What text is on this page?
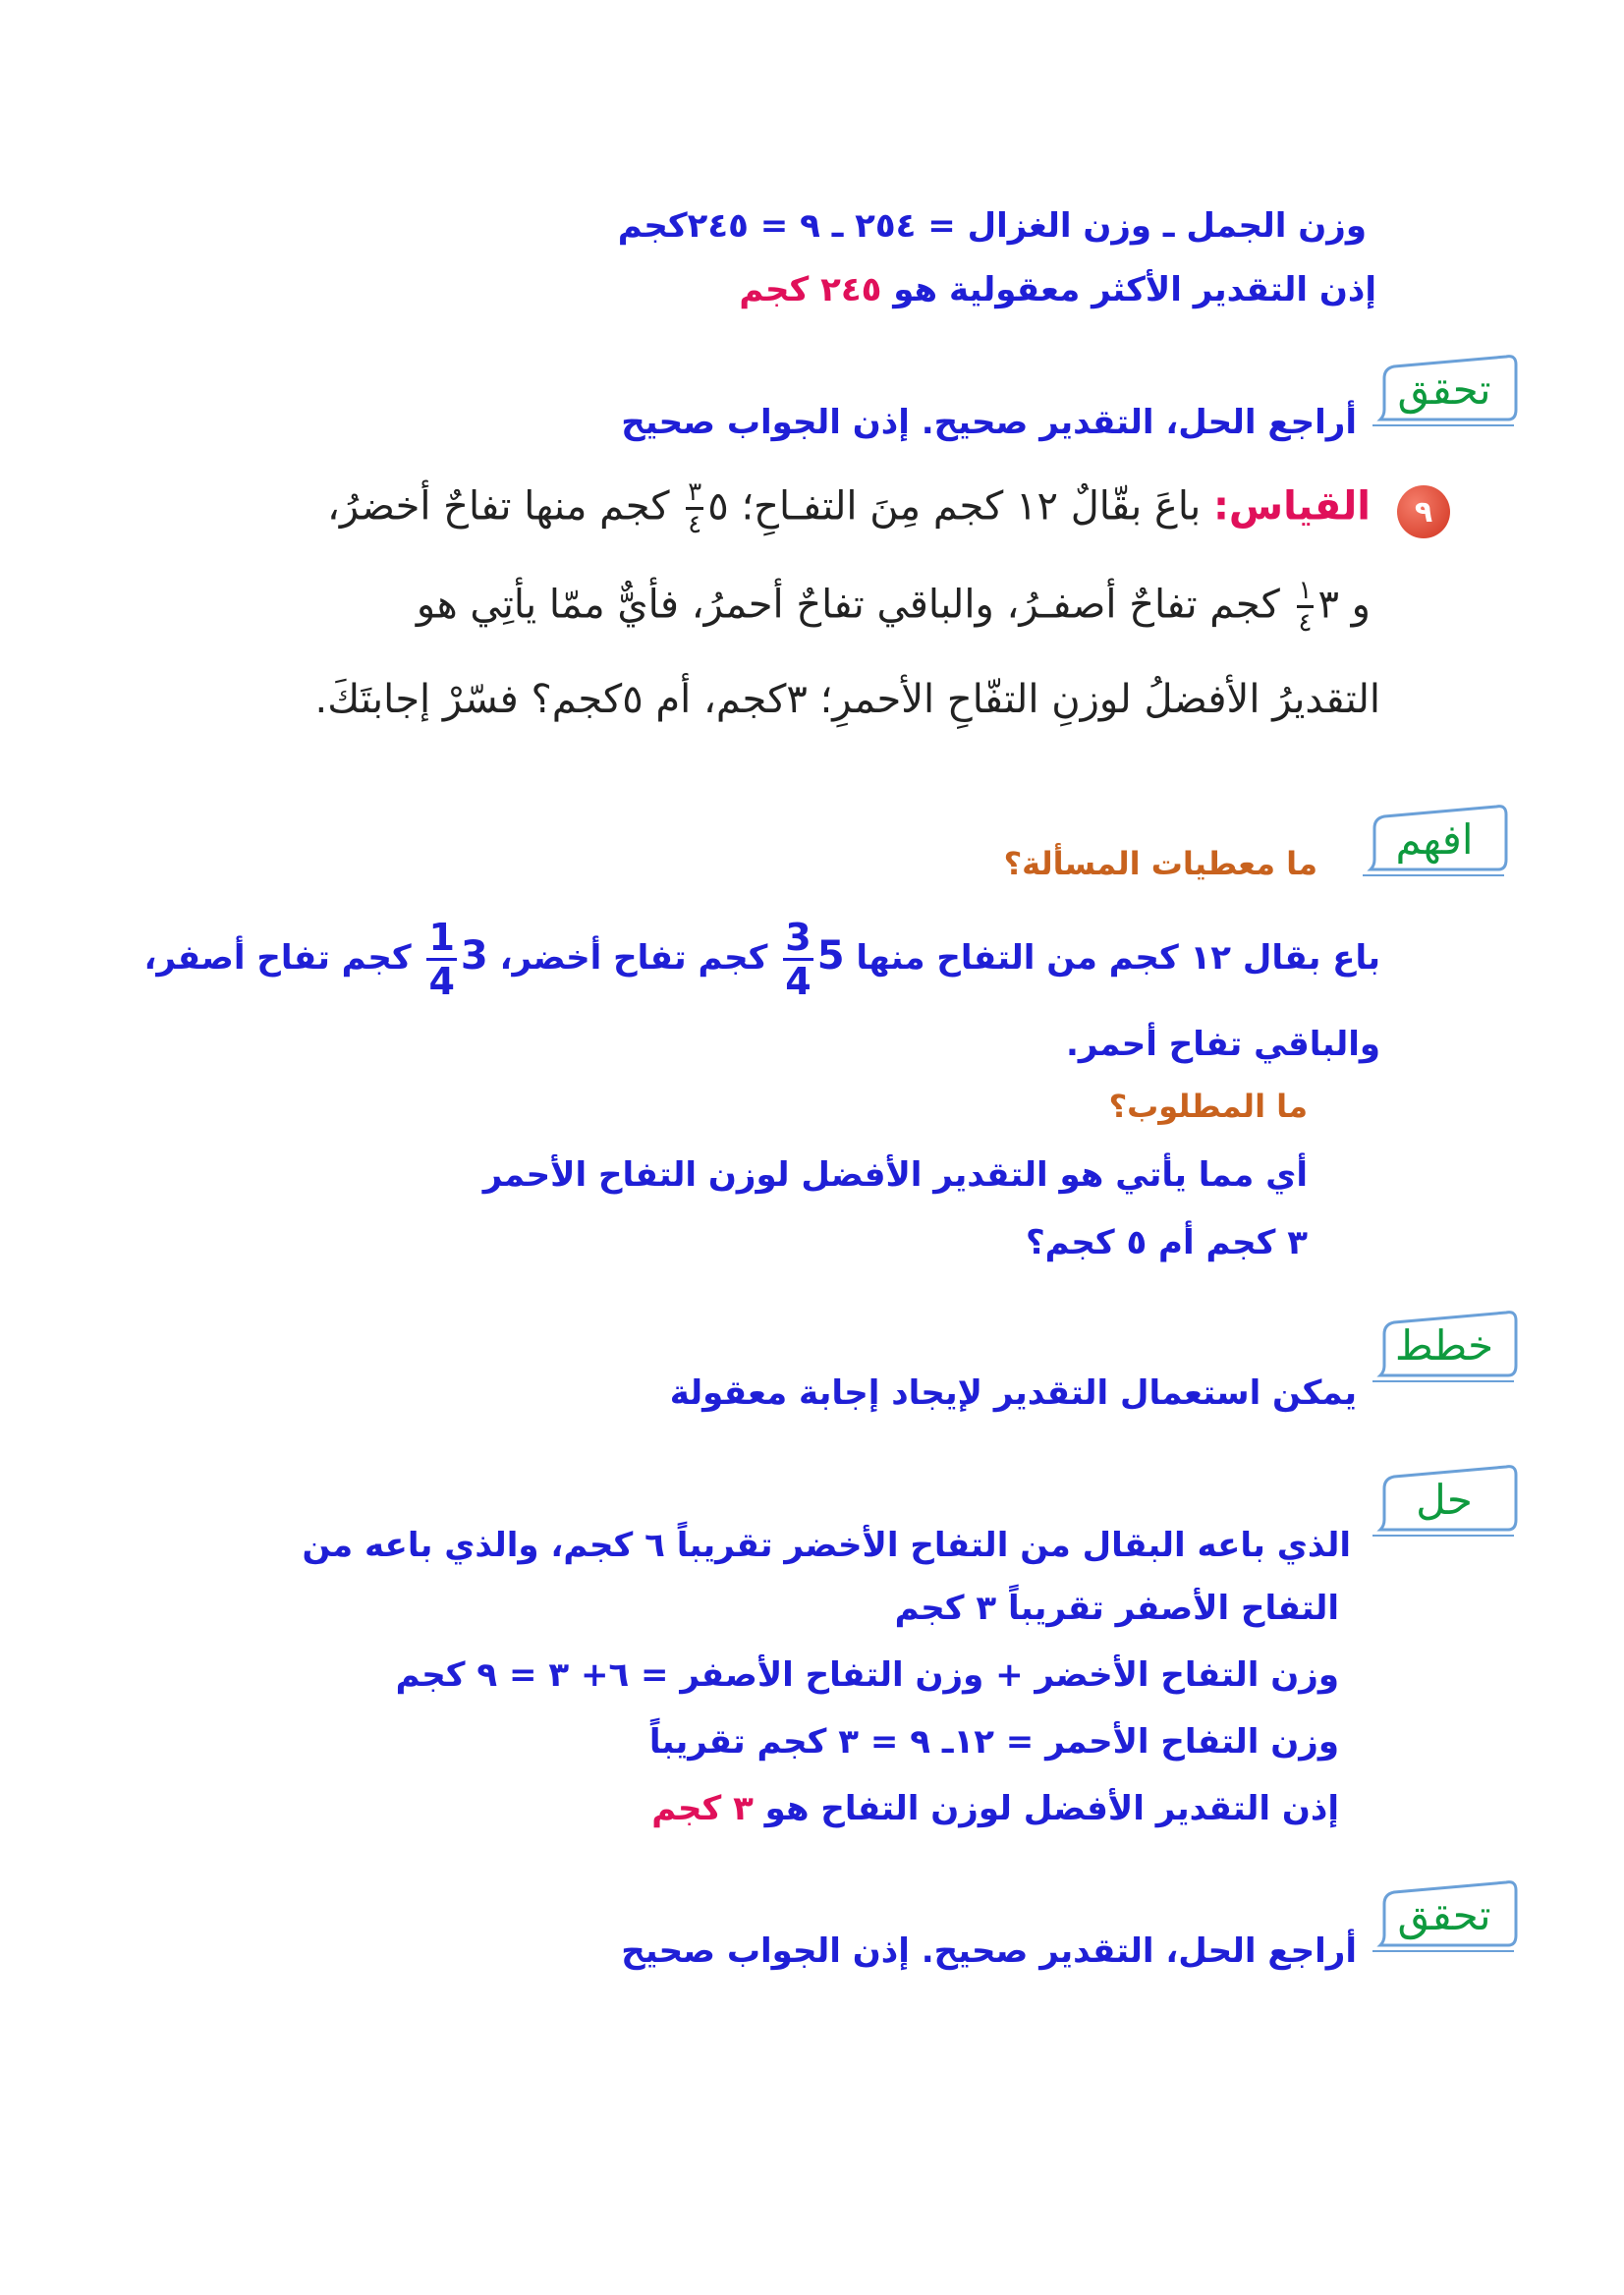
وزن الجمل ـ وزن الغزال = ٢٥٤ ـ ٩ = ٢٤٥كجم
إذن التقدير الأكثر معقولية هو ٢٤٥ كجم
تحقق
أراجع الحل، التقدير صحيح. إذن الجواب صحيح
٩
القياس: باعَ بقّالٌ ١٢ كجم مِنَ التفـاحِ؛ ٥
$\frac{٣}{٤}$
كجم منها تفاحٌ أخضرُ،
و ٣
$\frac{١}{٤}$
كجم تفاحٌ أصفـرُ، والباقي تفاحٌ أحمرُ، فأيٌّ ممّا يأتِي هو
التقديرُ الأفضلُ لوزنِ التفّاحِ الأحمرِ؛ ٣كجم، أم ٥كجم؟ فسّرْ إجابتَكَ.
افهم
ما معطيات المسألة؟
باع بقال ١٢ كجم من التفاح منها 5
$\frac{3}{4}$
كجم تفاح أخضر، 3
$\frac{1}{4}$
كجم تفاح أصفر،
والباقي تفاح أحمر.
ما المطلوب؟
أي مما يأتي هو التقدير الأفضل لوزن التفاح الأحمر
٣ كجم أم ٥ كجم؟
خطط
يمكن استعمال التقدير لإيجاد إجابة معقولة
حل
الذي باعه البقال من التفاح الأخضر تقريباً ٦ كجم، والذي باعه من
التفاح الأصفر تقريباً ٣ كجم
وزن التفاح الأخضر + وزن التفاح الأصفر = ٦+ ٣ = ٩ كجم
وزن التفاح الأحمر = ١٢ـ ٩ = ٣ كجم تقريباً
إذن التقدير الأفضل لوزن التفاح هو ٣ كجم
تحقق
أراجع الحل، التقدير صحيح. إذن الجواب صحيح
